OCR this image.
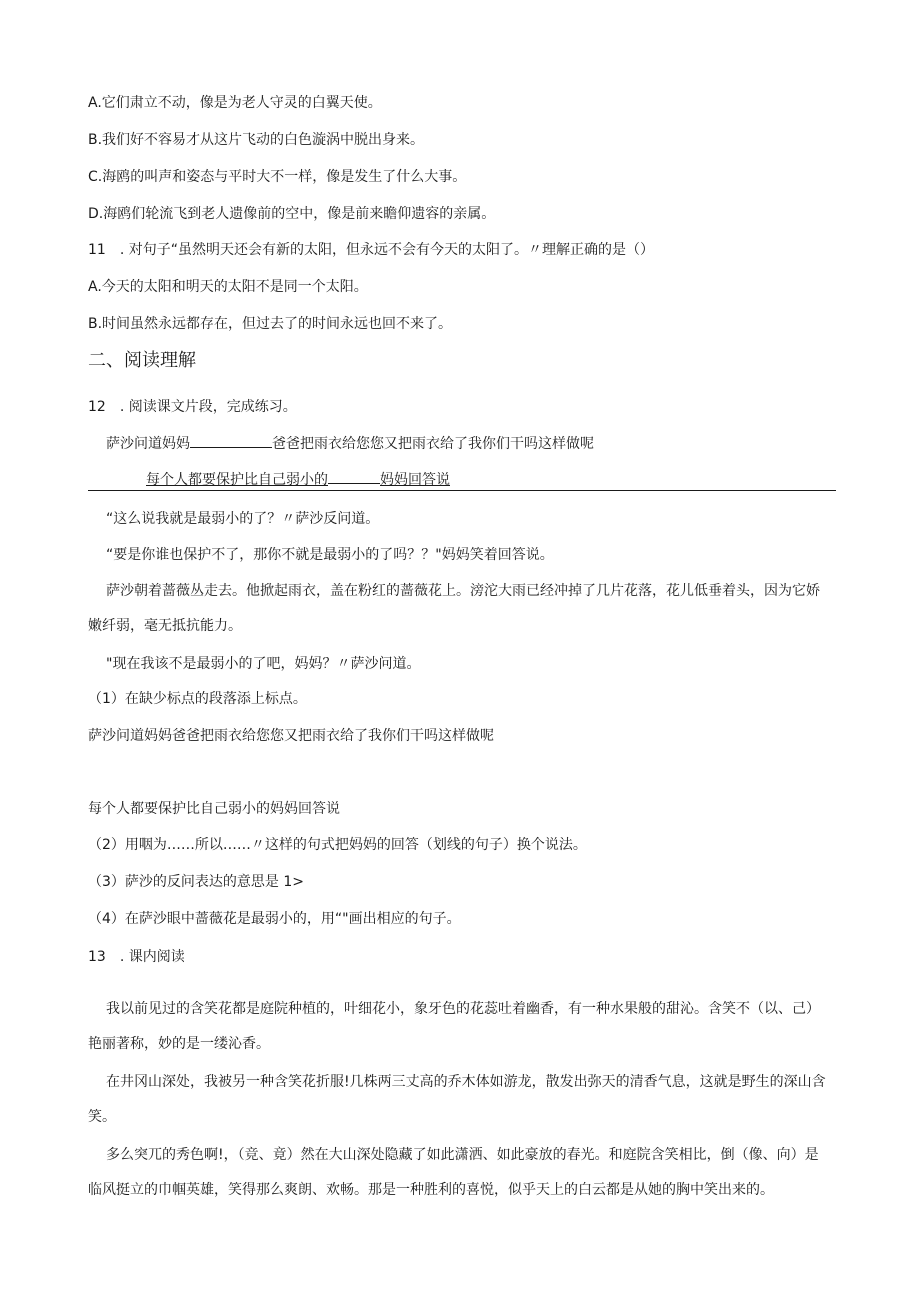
A.它们肃立不动，像是为老人守灵的白翼天使。
B.我们好不容易才从这片飞动的白色漩涡中脱出身来。
C.海鸥的叫声和姿态与平时大不一样，像是发生了什么大事。
D.海鸥们轮流飞到老人遗像前的空中，像是前来瞻仰遗容的亲属。
11　. 对句子“虽然明天还会有新的太阳，但永远不会有今天的太阳了。〃理解正确的是（）
A.今天的太阳和明天的太阳不是同一个太阳。
B.时间虽然永远都存在，但过去了的时间永远也回不来了。
二、阅读理解
12　. 阅读课文片段，完成练习。
萨沙问道妈妈	爸爸把雨衣给您您又把雨衣给了我你们干吗这样做呢
每个人都要保护比自己弱小的	妈妈回答说
“这么说我就是最弱小的了？〃萨沙反问道。
“要是你谁也保护不了，那你不就是最弱小的了吗？？"妈妈笑着回答说。
萨沙朝着蔷薇丛走去。他掀起雨衣，盖在粉红的蔷薇花上。滂沱大雨已经冲掉了几片花落，花儿低垂着头，因为它娇嫩纤弱，毫无抵抗能力。
"现在我该不是最弱小的了吧，妈妈？〃萨沙问道。
（1）在缺少标点的段落添上标点。
萨沙问道妈妈爸爸把雨衣给您您又把雨衣给了我你们干吗这样做呢
每个人都要保护比自己弱小的妈妈回答说
（2）用咽为……所以……〃这样的句式把妈妈的回答（划线的句子）换个说法。
（3）萨沙的反问表达的意思是 1>
（4）在萨沙眼中蔷薇花是最弱小的，用“"画出相应的句子。
13　. 课内阅读
我以前见过的含笑花都是庭院种植的，叶细花小，象牙色的花蕊吐着幽香，有一种水果般的甜沁。含笑不（以、己）艳丽著称，妙的是一缕沁香。
在井冈山深处，我被另一种含笑花折服!几株两三丈高的乔木体如游龙，散发出弥天的清香气息，这就是野生的深山含笑。
多么突兀的秀色啊!，（竞、竟）然在大山深处隐藏了如此潇洒、如此豪放的春光。和庭院含笑相比，倒（像、向）是临风挺立的巾帼英雄，笑得那么爽朗、欢畅。那是一种胜利的喜悦，似乎天上的白云都是从她的胸中笑出来的。
